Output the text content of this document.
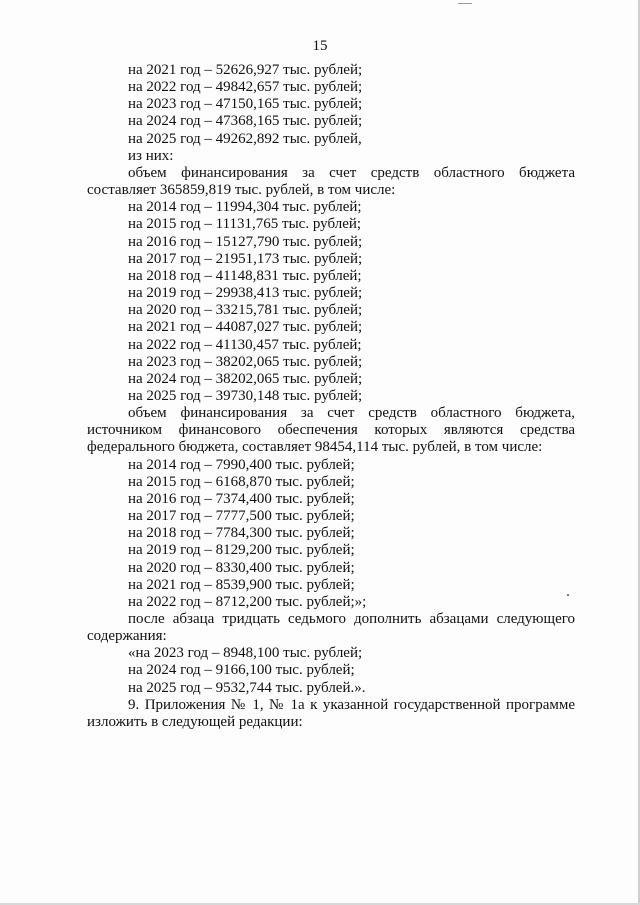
15
на 2021 год – 52626,927 тыс. рублей;
на 2022 год – 49842,657 тыс. рублей;
на 2023 год – 47150,165 тыс. рублей;
на 2024 год – 47368,165 тыс. рублей;
на 2025 год – 49262,892 тыс. рублей,
из них:
объем финансирования за счет средств областного бюджета
составляет 365859,819 тыс. рублей, в том числе:
на 2014 год – 11994,304 тыс. рублей;
на 2015 год – 11131,765 тыс. рублей;
на 2016 год – 15127,790 тыс. рублей;
на 2017 год – 21951,173 тыс. рублей;
на 2018 год – 41148,831 тыс. рублей;
на 2019 год – 29938,413 тыс. рублей;
на 2020 год – 33215,781 тыс. рублей;
на 2021 год – 44087,027 тыс. рублей;
на 2022 год – 41130,457 тыс. рублей;
на 2023 год – 38202,065 тыс. рублей;
на 2024 год – 38202,065 тыс. рублей;
на 2025 год – 39730,148 тыс. рублей;
объем финансирования за счет средств областного бюджета,
источником финансового обеспечения которых являются средства
федерального бюджета, составляет 98454,114 тыс. рублей, в том числе:
на 2014 год – 7990,400 тыс. рублей;
на 2015 год – 6168,870 тыс. рублей;
на 2016 год – 7374,400 тыс. рублей;
на 2017 год – 7777,500 тыс. рублей;
на 2018 год – 7784,300 тыс. рублей;
на 2019 год – 8129,200 тыс. рублей;
на 2020 год – 8330,400 тыс. рублей;
на 2021 год – 8539,900 тыс. рублей;
на 2022 год – 8712,200 тыс. рублей;»;
после абзаца тридцать седьмого дополнить абзацами следующего
содержания:
«на 2023 год – 8948,100 тыс. рублей;
на 2024 год – 9166,100 тыс. рублей;
на 2025 год – 9532,744 тыс. рублей.».
9. Приложения № 1, № 1а к указанной государственной программе
изложить в следующей редакции:
